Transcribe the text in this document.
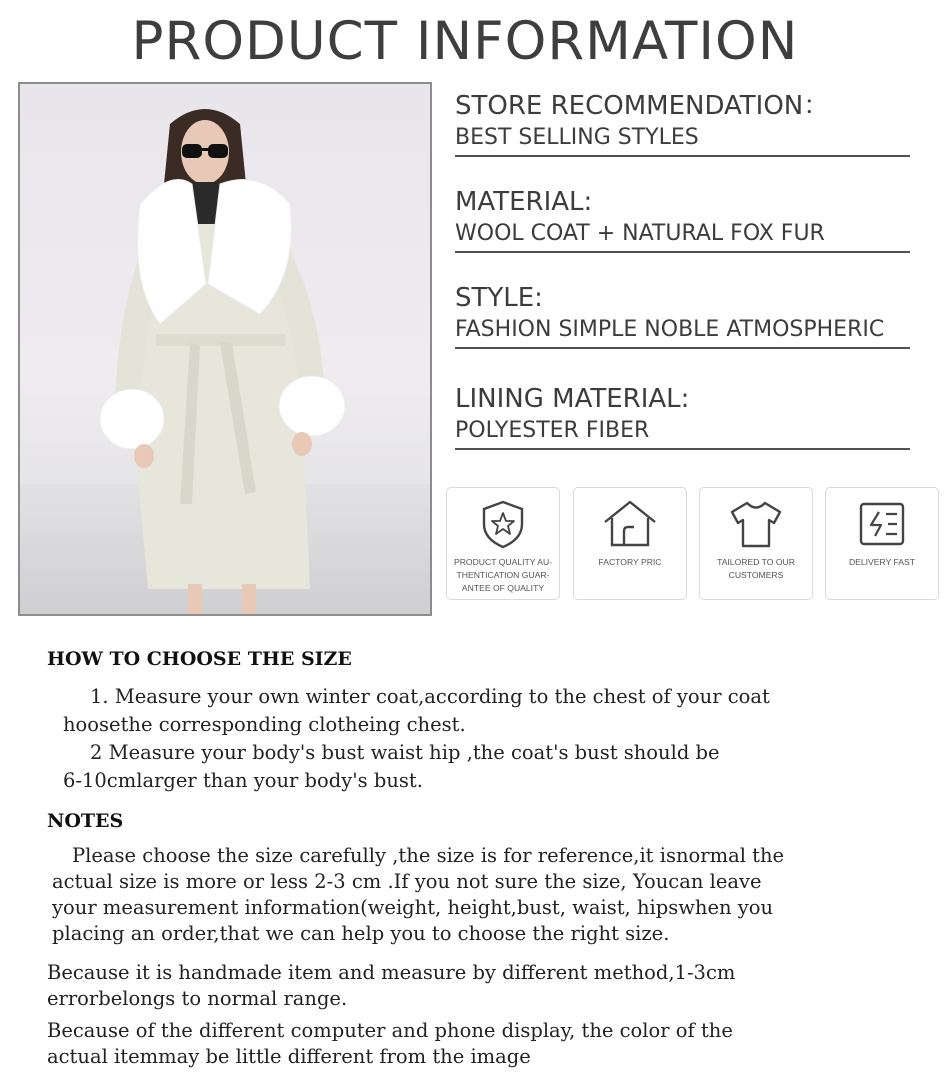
PRODUCT INFORMATION
STORE RECOMMENDATION：
BEST SELLING STYLES
MATERIAL:
WOOL COAT + NATURAL FOX FUR
STYLE:
FASHION SIMPLE NOBLE ATMOSPHERIC
LINING MATERIAL:
POLYESTER FIBER
PRODUCT QUALITY AU-
THENTICATION GUAR-
ANTEE OF QUALITY
FACTORY PRIC	TAILORED TO OUR
CUSTOMERS
DELIVERY FAST
HOW TO CHOOSE THE SIZE

1. Measure your own winter coat,according to the chest of your coat

hoosethe corresponding clotheing chest.

2 Measure your body's bust waist hip ,the coat's bust should be

6-10cmlarger than your body's bust.

NOTES

Please choose the size carefully ,the size is for reference,it isnormal the

actual size is more or less 2-3 cm .If you not sure the size, Youcan leave

your measurement information(weight, height,bust, waist, hipswhen you

placing an order,that we can help you to choose the right size.

Because it is handmade item and measure by different method,1-3cm

errorbelongs to normal range.

Because of the different computer and phone display, the color of the

actual itemmay be little different from the image
